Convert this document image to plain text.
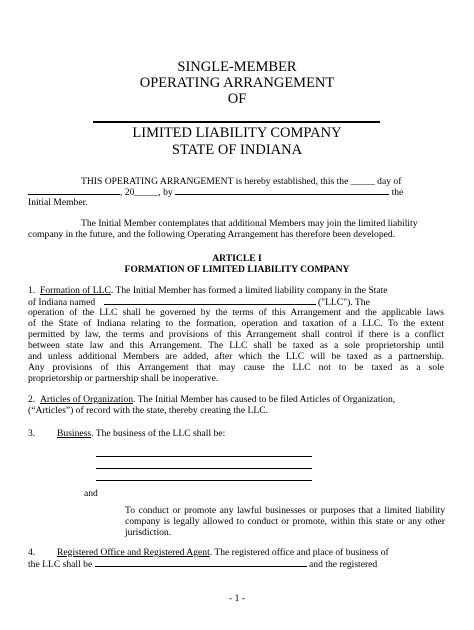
SINGLE-MEMBER
OPERATING ARRANGEMENT
OF
LIMITED LIABILITY COMPANY
STATE OF INDIANA
THIS OPERATING ARRANGEMENT is hereby established, this the _____ day of
, 20_____, by	the
Initial Member.
The Initial Member contemplates that additional Members may join the limited liability
company in the future, and the following Operating Arrangement has therefore been developed.
ARTICLE I
FORMATION OF LIMITED LIABILITY COMPANY
1. Formation of LLC. The Initial Member has formed a limited liability company in the State
of Indiana named	("LLC"). The
operation of the LLC shall be governed by the terms of this Arrangement and the applicable laws
of the State of Indiana relating to the formation, operation and taxation of a LLC. To the extent
permitted by law, the terms and provisions of this Arrangement shall control if there is a conflict
between state law and this Arrangement. The LLC shall be taxed as a sole proprietorship until
and unless additional Members are added, after which the LLC will be taxed as a partnership.
Any provisions of this Arrangement that may cause the LLC not to be taxed as a sole
proprietorship or partnership shall be inoperative.
2. Articles of Organization. The Initial Member has caused to be filed Articles of Organization,
(“Articles”) of record with the state, thereby creating the LLC.
3. Business. The business of the LLC shall be:
and
To conduct or promote any lawful businesses or purposes that a limited liability
company is legally allowed to conduct or promote, within this state or any other
jurisdiction.
4. Registered Office and Registered Agent. The registered office and place of business of
the LLC shall be	and the registered
- 1 -
